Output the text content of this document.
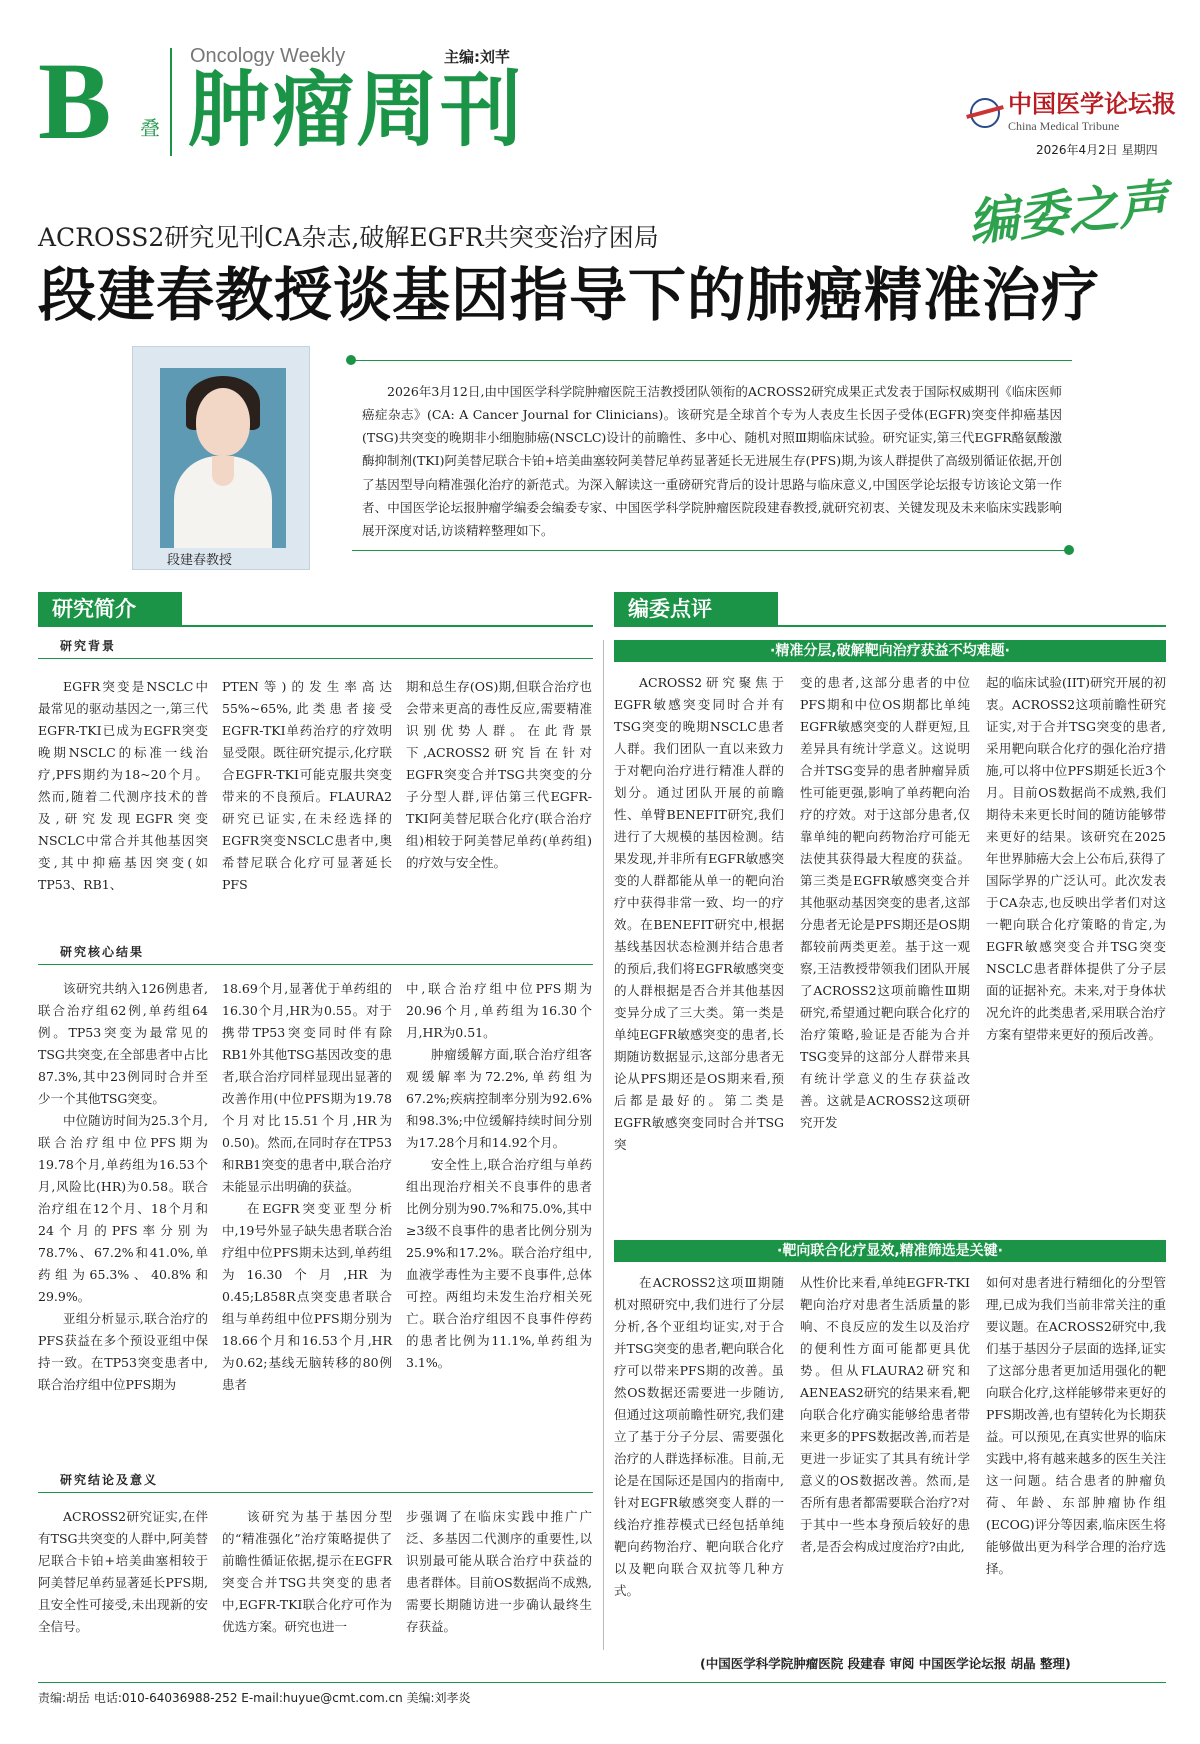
B 叠
Oncology Weekly	主编:刘芊
肿瘤周刊	中国医学论坛报
China Medical Tribune
2026年4月2日 星期四
编委之声
ACROSS2研究见刊CA杂志,破解EGFR共突变治疗困局
段建春教授谈基因指导下的肺癌精准治疗
段建春教授
2026年3月12日,由中国医学科学院肿瘤医院王洁教授团队领衔的ACROSS2研究成果正式发表于国际权威期刊《临床医师癌症杂志》(CA: A Cancer Journal for Clinicians)。该研究是全球首个专为人表皮生长因子受体(EGFR)突变伴抑癌基因(TSG)共突变的晚期非小细胞肺癌(NSCLC)设计的前瞻性、多中心、随机对照Ⅲ期临床试验。研究证实,第三代EGFR酪氨酸激酶抑制剂(TKI)阿美替尼联合卡铂+培美曲塞较阿美替尼单药显著延长无进展生存(PFS)期,为该人群提供了高级别循证依据,开创了基因型导向精准强化治疗的新范式。为深入解读这一重磅研究背后的设计思路与临床意义,中国医学论坛报专访该论文第一作者、中国医学论坛报肿瘤学编委会编委专家、中国医学科学院肿瘤医院段建春教授,就研究初衷、关键发现及未来临床实践影响展开深度对话,访谈精粹整理如下。
研究简介	编委点评
研究背景

EGFR突变是NSCLC中最常见的驱动基因之一,第三代EGFR-TKI已成为EGFR突变晚期NSCLC的标准一线治疗,PFS期约为18~20个月。然而,随着二代测序技术的普及,研究发现EGFR突变NSCLC中常合并其他基因突变,其中抑癌基因突变(如TP53、RB1、

PTEN等)的发生率高达55%~65%,此类患者接受EGFR-TKI单药治疗的疗效明显受限。既往研究提示,化疗联合EGFR-TKI可能克服共突变带来的不良预后。FLAURA2研究已证实,在未经选择的EGFR突变NSCLC患者中,奥希替尼联合化疗可显著延长PFS

期和总生存(OS)期,但联合治疗也会带来更高的毒性反应,需要精准识别优势人群。在此背景下,ACROSS2研究旨在针对EGFR突变合并TSG共突变的分子分型人群,评估第三代EGFR-TKI阿美替尼联合化疗(联合治疗组)相较于阿美替尼单药(单药组)的疗效与安全性。

研究核心结果

该研究共纳入126例患者,联合治疗组62例,单药组64例。TP53突变为最常见的TSG共突变,在全部患者中占比87.3%,其中23例同时合并至少一个其他TSG突变。

中位随访时间为25.3个月,联合治疗组中位PFS期为19.78个月,单药组为16.53个月,风险比(HR)为0.58。联合治疗组在12个月、18个月和24个月的PFS率分别为78.7%、67.2%和41.0%,单药组为65.3%、40.8%和29.9%。

亚组分析显示,联合治疗的PFS获益在多个预设亚组中保持一致。在TP53突变患者中,联合治疗组中位PFS期为

18.69个月,显著优于单药组的16.30个月,HR为0.55。对于携带TP53突变同时伴有除RB1外其他TSG基因改变的患者,联合治疗同样显现出显著的改善作用(中位PFS期为19.78个月对比15.51个月,HR为0.50)。然而,在同时存在TP53和RB1突变的患者中,联合治疗未能显示出明确的获益。

在EGFR突变亚型分析中,19号外显子缺失患者联合治疗组中位PFS期未达到,单药组为16.30个月,HR为0.45;L858R点突变患者联合组与单药组中位PFS期分别为18.66个月和16.53个月,HR为0.62;基线无脑转移的80例患者

中,联合治疗组中位PFS期为20.96个月,单药组为16.30个月,HR为0.51。

肿瘤缓解方面,联合治疗组客观缓解率为72.2%,单药组为67.2%;疾病控制率分别为92.6%和98.3%;中位缓解持续时间分别为17.28个月和14.92个月。

安全性上,联合治疗组与单药组出现治疗相关不良事件的患者比例分别为90.7%和75.0%,其中≥3级不良事件的患者比例分别为25.9%和17.2%。联合治疗组中,血液学毒性为主要不良事件,总体可控。两组均未发生治疗相关死亡。联合治疗组因不良事件停药的患者比例为11.1%,单药组为3.1%。

研究结论及意义

ACROSS2研究证实,在伴有TSG共突变的人群中,阿美替尼联合卡铂+培美曲塞相较于阿美替尼单药显著延长PFS期,且安全性可接受,未出现新的安全信号。

该研究为基于基因分型的“精准强化”治疗策略提供了前瞻性循证依据,提示在EGFR突变合并TSG共突变的患者中,EGFR-TKI联合化疗可作为优选方案。研究也进一

步强调了在临床实践中推广广泛、多基因二代测序的重要性,以识别最可能从联合治疗中获益的患者群体。目前OS数据尚不成熟,需要长期随访进一步确认最终生存获益。

·精准分层,破解靶向治疗获益不均难题·

ACROSS2研究聚焦于EGFR敏感突变同时合并有TSG突变的晚期NSCLC患者人群。我们团队一直以来致力于对靶向治疗进行精准人群的划分。通过团队开展的前瞻性、单臂BENEFIT研究,我们进行了大规模的基因检测。结果发现,并非所有EGFR敏感突变的人群都能从单一的靶向治疗中获得非常一致、均一的疗效。在BENEFIT研究中,根据基线基因状态检测并结合患者的预后,我们将EGFR敏感突变的人群根据是否合并其他基因变异分成了三大类。第一类是单纯EGFR敏感突变的患者,长期随访数据显示,这部分患者无论从PFS期还是OS期来看,预后都是最好的。第二类是EGFR敏感突变同时合并TSG突

变的患者,这部分患者的中位PFS期和中位OS期都比单纯EGFR敏感突变的人群更短,且差异具有统计学意义。这说明合并TSG变异的患者肿瘤异质性可能更强,影响了单药靶向治疗的疗效。对于这部分患者,仅靠单纯的靶向药物治疗可能无法使其获得最大程度的获益。第三类是EGFR敏感突变合并其他驱动基因突变的患者,这部分患者无论是PFS期还是OS期都较前两类更差。基于这一观察,王洁教授带领我们团队开展了ACROSS2这项前瞻性Ⅲ期研究,希望通过靶向联合化疗的治疗策略,验证是否能为合并TSG变异的这部分人群带来具有统计学意义的生存获益改善。这就是ACROSS2这项研究开发

起的临床试验(IIT)研究开展的初衷。ACROSS2这项前瞻性研究证实,对于合并TSG突变的患者,采用靶向联合化疗的强化治疗措施,可以将中位PFS期延长近3个月。目前OS数据尚不成熟,我们期待未来更长时间的随访能够带来更好的结果。该研究在2025年世界肺癌大会上公布后,获得了国际学界的广泛认可。此次发表于CA杂志,也反映出学者们对这一靶向联合化疗策略的肯定,为EGFR敏感突变合并TSG突变NSCLC患者群体提供了分子层面的证据补充。未来,对于身体状况允许的此类患者,采用联合治疗方案有望带来更好的预后改善。

·靶向联合化疗显效,精准筛选是关键·

在ACROSS2这项Ⅲ期随机对照研究中,我们进行了分层分析,各个亚组均证实,对于合并TSG突变的患者,靶向联合化疗可以带来PFS期的改善。虽然OS数据还需要进一步随访,但通过这项前瞻性研究,我们建立了基于分子分层、需要强化治疗的人群选择标准。目前,无论是在国际还是国内的指南中,针对EGFR敏感突变人群的一线治疗推荐模式已经包括单纯靶向药物治疗、靶向联合化疗以及靶向联合双抗等几种方式。

从性价比来看,单纯EGFR-TKI靶向治疗对患者生活质量的影响、不良反应的发生以及治疗的便利性方面可能都更具优势。但从FLAURA2研究和AENEAS2研究的结果来看,靶向联合化疗确实能够给患者带来更多的PFS数据改善,而若是更进一步证实了其具有统计学意义的OS数据改善。然而,是否所有患者都需要联合治疗?对于其中一些本身预后较好的患者,是否会构成过度治疗?由此,

如何对患者进行精细化的分型管理,已成为我们当前非常关注的重要议题。在ACROSS2研究中,我们基于基因分子层面的选择,证实了这部分患者更加适用强化的靶向联合化疗,这样能够带来更好的PFS期改善,也有望转化为长期获益。可以预见,在真实世界的临床实践中,将有越来越多的医生关注这一问题。结合患者的肿瘤负荷、年龄、东部肿瘤协作组(ECOG)评分等因素,临床医生将能够做出更为科学合理的治疗选择。

(中国医学科学院肿瘤医院 段建春 审阅 中国医学论坛报 胡晶 整理)
责编:胡岳 电话:010-64036988-252 E-mail:huyue@cmt.com.cn 美编:刘孝炎
